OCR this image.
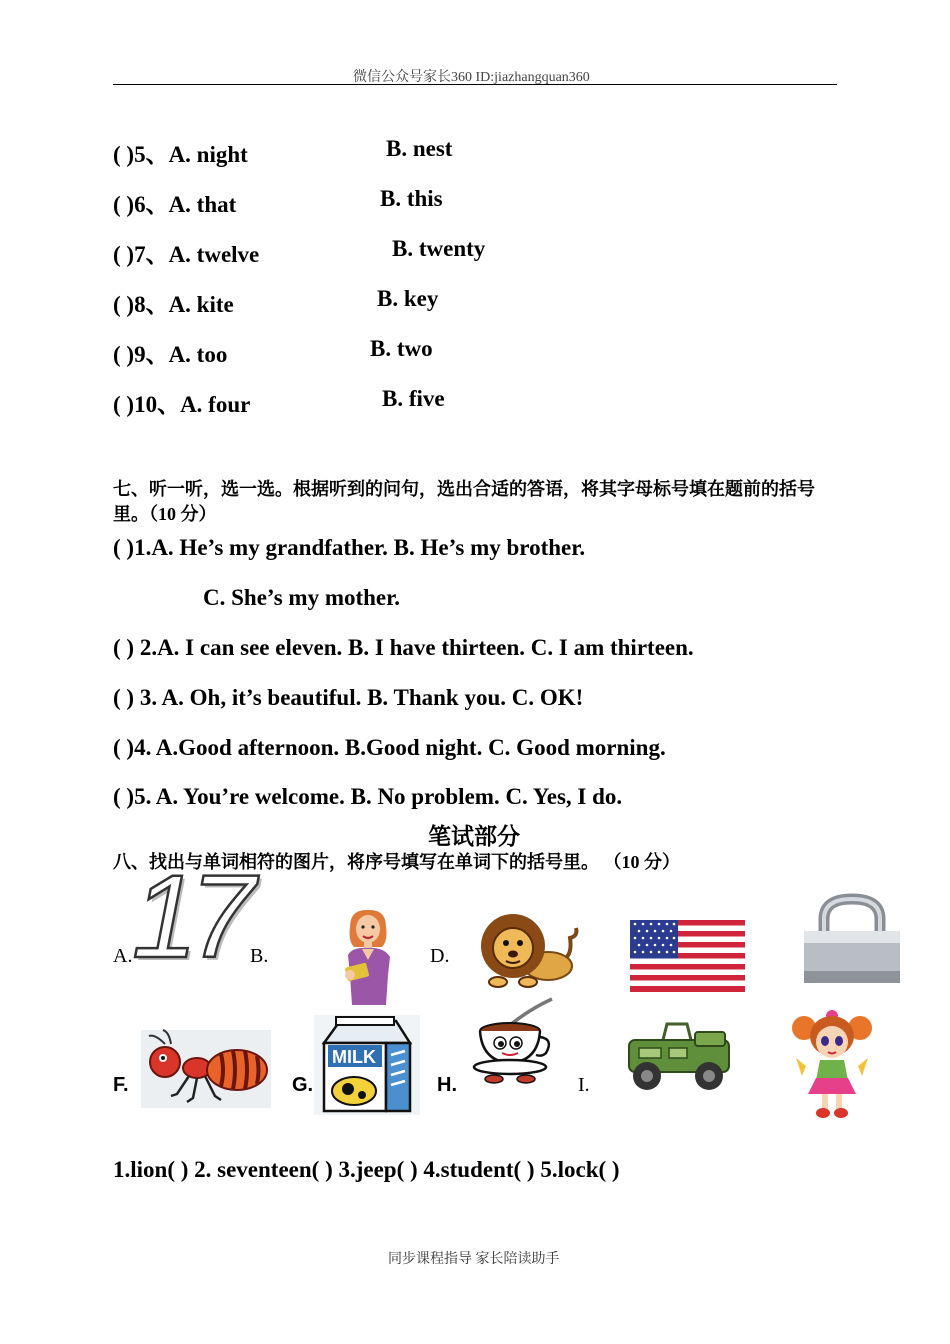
微信公众号家长360 ID:jiazhangquan360
( )5、A. night	B. nest
( )6、A. that	B. this
( )7、A. twelve	B. twenty
( )8、A. kite	B. key
( )9、A. too	B. two
( )10、A. four	B. five
七、听一听，选一选。根据听到的问句，选出合适的答语，将其字母标号填在题前的括号
里。（10 分）
( )1.A. He’s my grandfather. B. He’s my brother.
C. She’s my mother.
( ) 2.A. I can see eleven. B. I have thirteen. C. I am thirteen.
( ) 3. A. Oh, it’s beautiful. B. Thank you. C. OK!
( )4. A.Good afternoon. B.Good night. C. Good morning.
( )5. A. You’re welcome. B. No problem. C. Yes, I do.
笔试部分
八、找出与单词相符的图片，将序号填写在单词下的括号里。 （10 分）
A.	B.	D.
17
F.	G.	H.	I.
MILK
1.lion( ) 2. seventeen( ) 3.jeep( ) 4.student( ) 5.lock( )
同步课程指导 家长陪读助手
